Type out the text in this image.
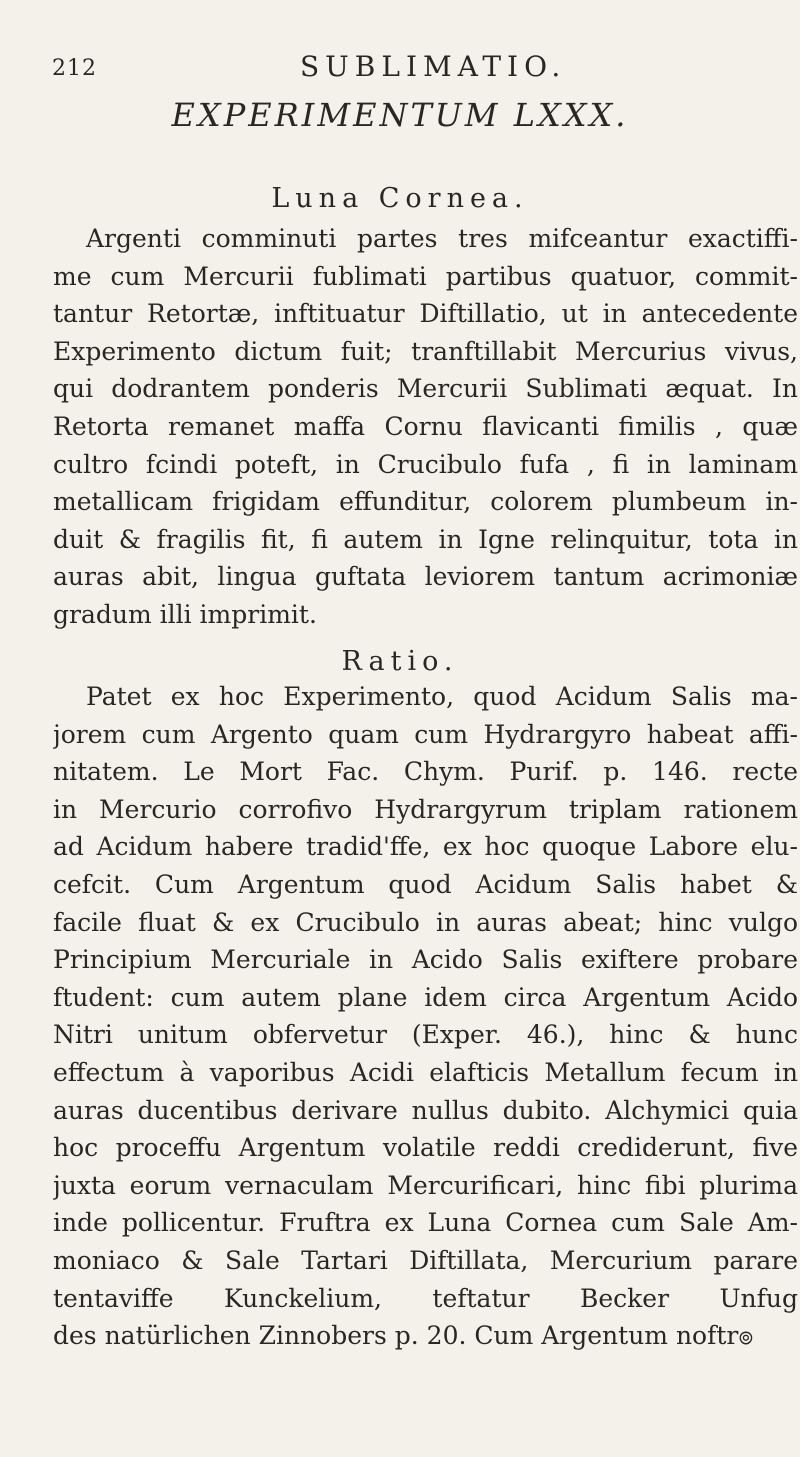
212	SUBLIMATIO.
EXPERIMENTUM LXXX.
Luna Cornea.
Argenti comminuti partes tres mifceantur exactiffi-
me cum Mercurii fublimati partibus quatuor, commit-
tantur Retortæ, inftituatur Diftillatio, ut in antecedente
Experimento dictum fuit; tranftillabit Mercurius vivus,
qui dodrantem ponderis Mercurii Sublimati æquat. In
Retorta remanet maffa Cornu flavicanti fimilis , quæ
cultro fcindi poteft, in Crucibulo fufa , fi in laminam
metallicam frigidam effunditur, colorem plumbeum in-
duit & fragilis fit, fi autem in Igne relinquitur, tota in
auras abit, lingua guftata leviorem tantum acrimoniæ
gradum illi imprimit.
Ratio.
Patet ex hoc Experimento, quod Acidum Salis ma-
jorem cum Argento quam cum Hydrargyro habeat affi-
nitatem. Le Mort Fac. Chym. Purif. p. 146. recte
in Mercurio corrofivo Hydrargyrum triplam rationem
ad Acidum habere tradid'ffe, ex hoc quoque Labore elu-
cefcit. Cum Argentum quod Acidum Salis habet &
facile fluat & ex Crucibulo in auras abeat; hinc vulgo
Principium Mercuriale in Acido Salis exiftere probare
ftudent: cum autem plane idem circa Argentum Acido
Nitri unitum obfervetur (Exper. 46.), hinc & hunc
effectum à vaporibus Acidi elafticis Metallum fecum in
auras ducentibus derivare nullus dubito. Alchymici quia
hoc proceffu Argentum volatile reddi crediderunt, five
juxta eorum vernaculam Mercurificari, hinc fibi plurima
inde pollicentur. Fruftra ex Luna Cornea cum Sale Am-
moniaco & Sale Tartari Diftillata, Mercurium parare
tentaviffe Kunckelium, teftatur Becker Unfug
des natürlichen Zinnobers p. 20. Cum Argentum noftr๏
